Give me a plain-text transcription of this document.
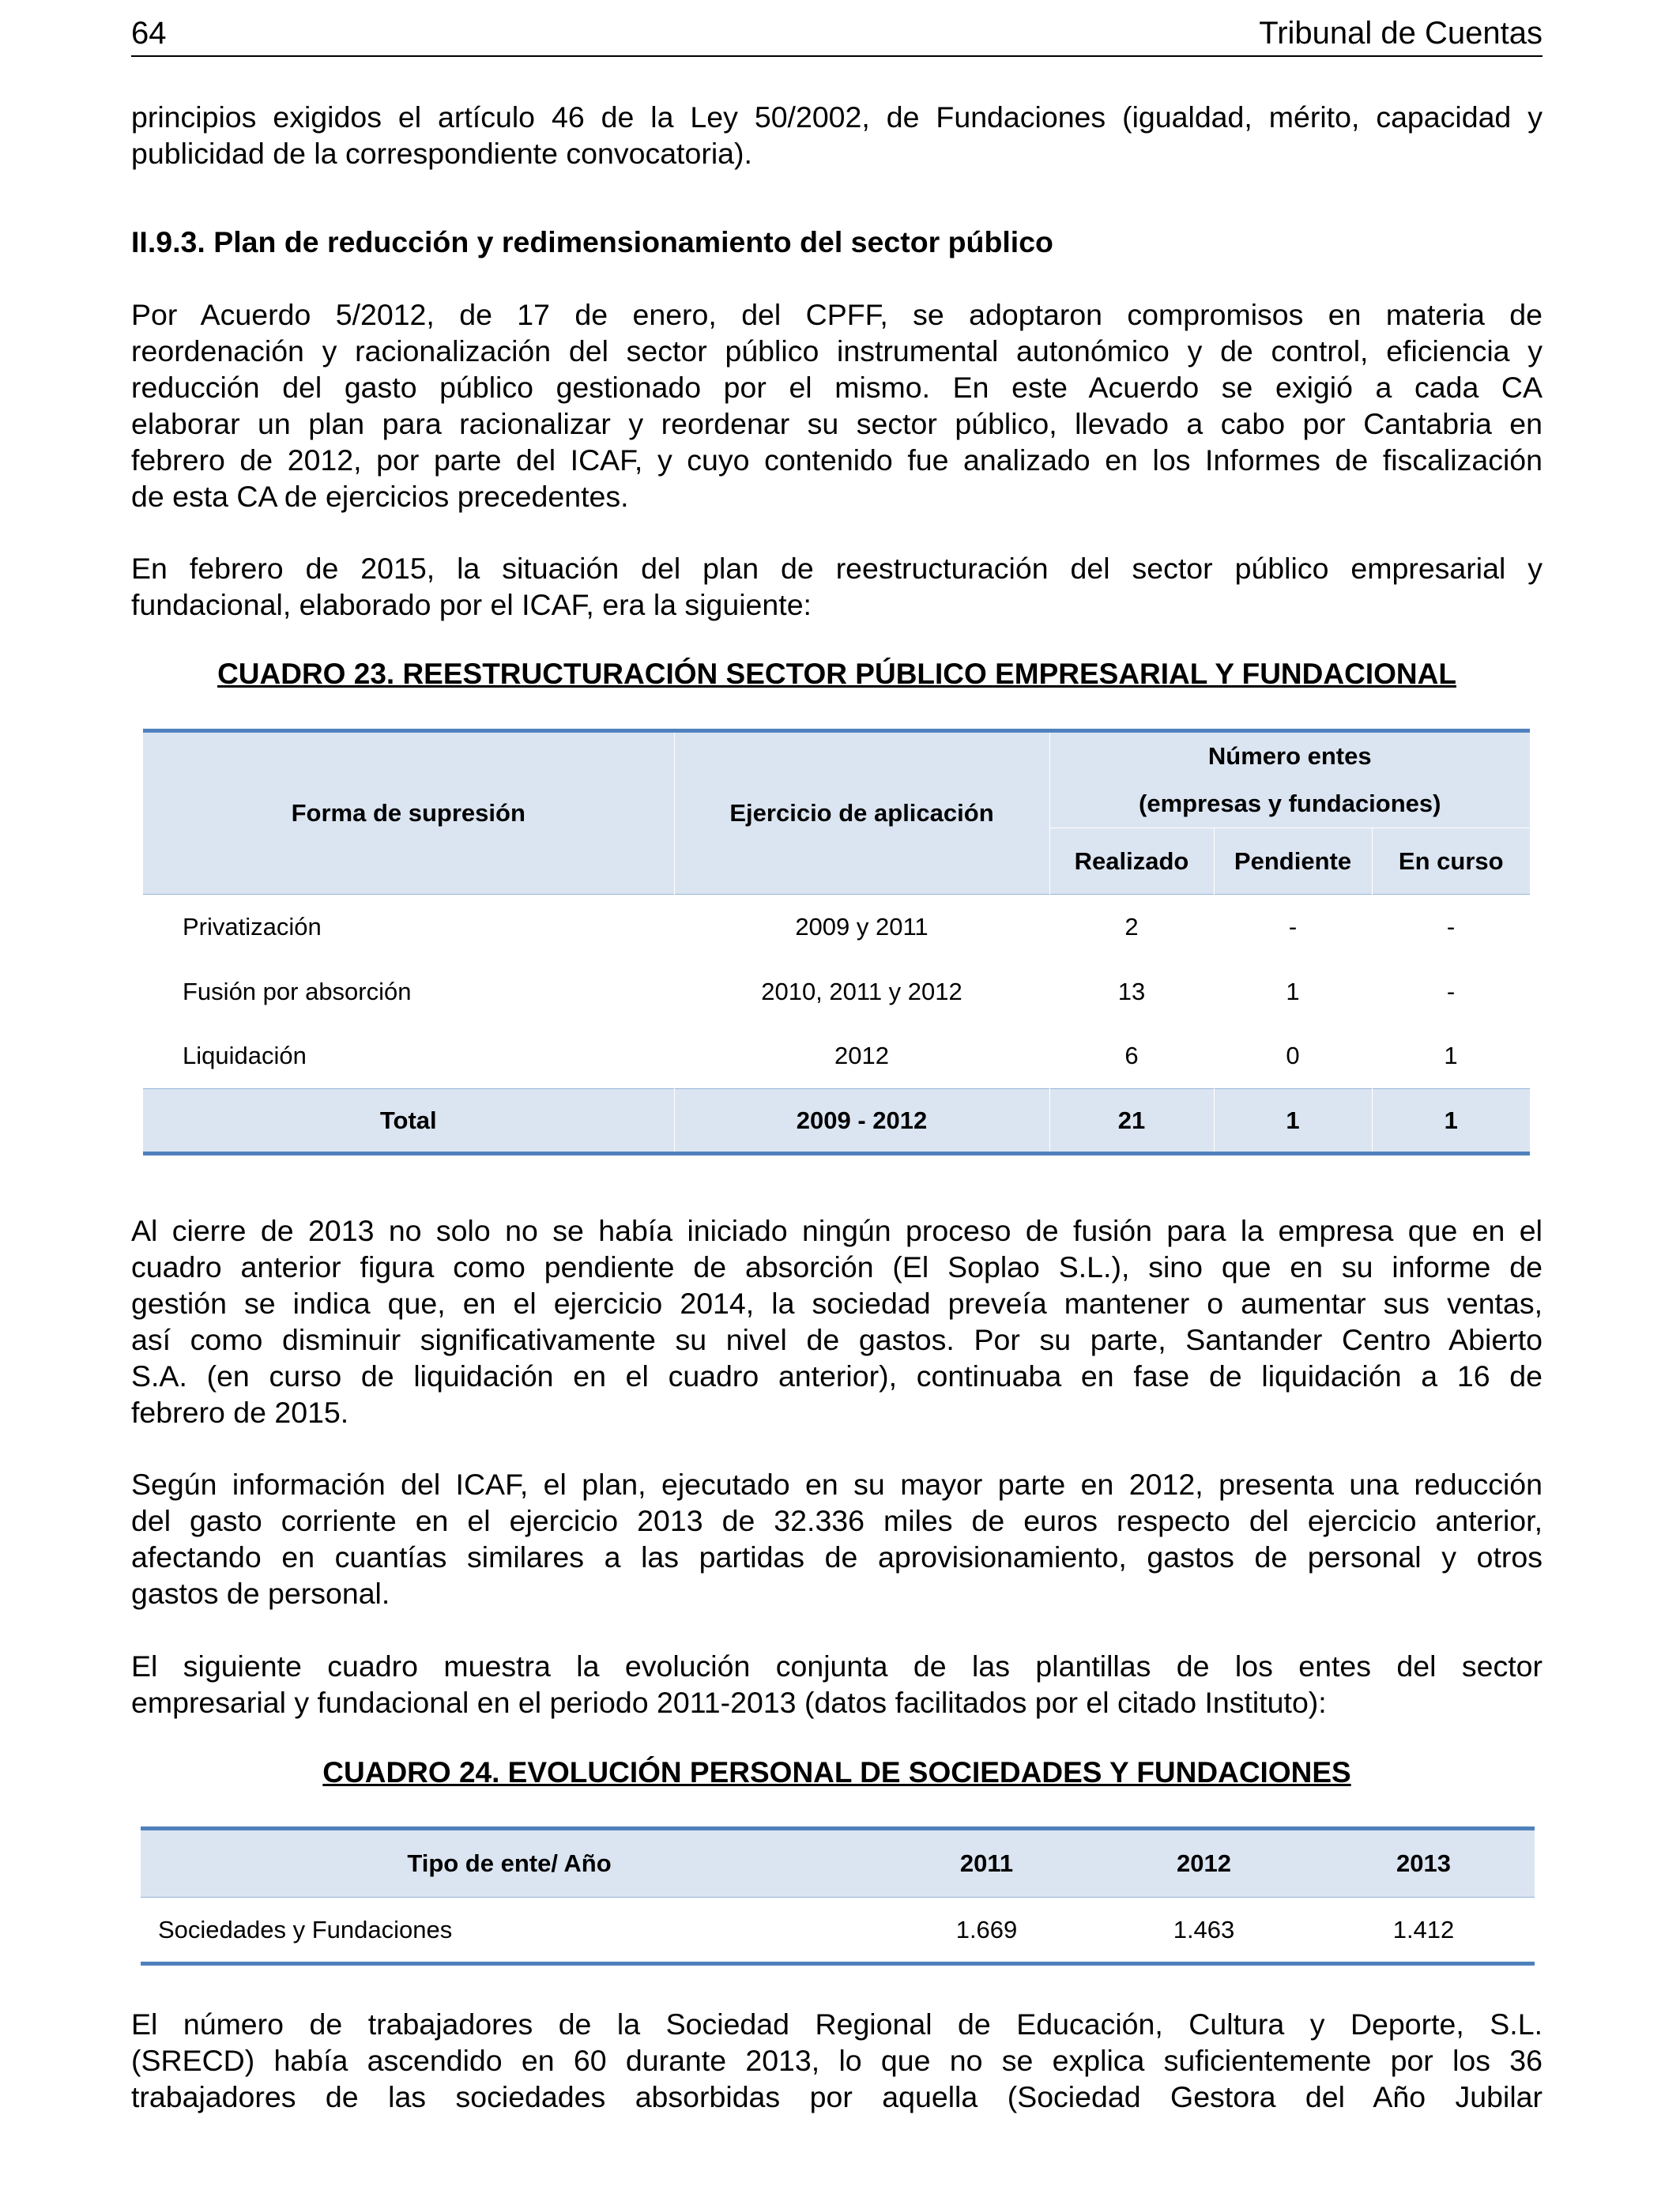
64	Tribunal de Cuentas
principios exigidos el artículo 46 de la Ley 50/2002, de Fundaciones (igualdad, mérito, capacidad y
publicidad de la correspondiente convocatoria).
II.9.3. Plan de reducción y redimensionamiento del sector público
Por Acuerdo 5/2012, de 17 de enero, del CPFF, se adoptaron compromisos en materia de
reordenación y racionalización del sector público instrumental autonómico y de control, eficiencia y
reducción del gasto público gestionado por el mismo. En este Acuerdo se exigió a cada CA
elaborar un plan para racionalizar y reordenar su sector público, llevado a cabo por Cantabria en
febrero de 2012, por parte del ICAF, y cuyo contenido fue analizado en los Informes de fiscalización
de esta CA de ejercicios precedentes.
En febrero de 2015, la situación del plan de reestructuración del sector público empresarial y
fundacional, elaborado por el ICAF, era la siguiente:
CUADRO 23. REESTRUCTURACIÓN SECTOR PÚBLICO EMPRESARIAL Y FUNDACIONAL
Forma de supresión	Ejercicio de aplicación	Número entes
(empresas y fundaciones)		

		Realizado	Pendiente	En curso
Privatización	2009 y 2011	2	-	-
Fusión por absorción	2010, 2011 y 2012	13	1	-
Liquidación	2012	6	0	1
Total	2009 - 2012	21	1	1
Al cierre de 2013 no solo no se había iniciado ningún proceso de fusión para la empresa que en el
cuadro anterior figura como pendiente de absorción (El Soplao S.L.), sino que en su informe de
gestión se indica que, en el ejercicio 2014, la sociedad preveía mantener o aumentar sus ventas,
así como disminuir significativamente su nivel de gastos. Por su parte, Santander Centro Abierto
S.A. (en curso de liquidación en el cuadro anterior), continuaba en fase de liquidación a 16 de
febrero de 2015.
Según información del ICAF, el plan, ejecutado en su mayor parte en 2012, presenta una reducción
del gasto corriente en el ejercicio 2013 de 32.336 miles de euros respecto del ejercicio anterior,
afectando en cuantías similares a las partidas de aprovisionamiento, gastos de personal y otros
gastos de personal.
El siguiente cuadro muestra la evolución conjunta de las plantillas de los entes del sector
empresarial y fundacional en el periodo 2011-2013 (datos facilitados por el citado Instituto):
CUADRO 24. EVOLUCIÓN PERSONAL DE SOCIEDADES Y FUNDACIONES
Tipo de ente/ Año	2011	2012	2013
Sociedades y Fundaciones	1.669	1.463	1.412
El número de trabajadores de la Sociedad Regional de Educación, Cultura y Deporte, S.L.
(SRECD) había ascendido en 60 durante 2013, lo que no se explica suficientemente por los 36
trabajadores de las sociedades absorbidas por aquella (Sociedad Gestora del Año Jubilar
